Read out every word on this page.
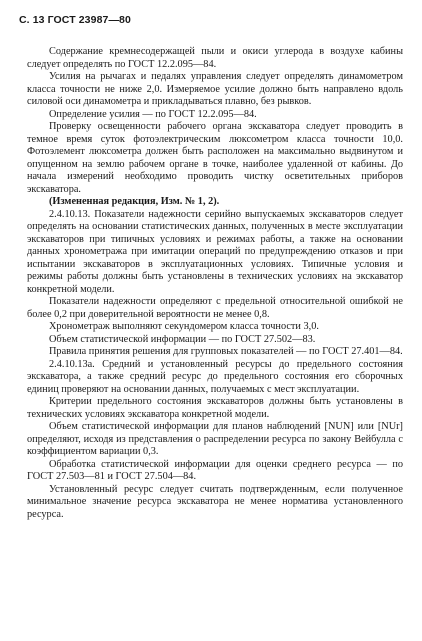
С. 13 ГОСТ 23987—80

Содержание кремнесодержащей пыли и окиси углерода в воздухе кабины следует определять по ГОСТ 12.2.095—84.

Усилия на рычагах и педалях управления следует определять динамометром класса точности не ниже 2,0. Измеряемое усилие должно быть направлено вдоль силовой оси динамометра и прикладываться плавно, без рывков.

Определение усилия — по ГОСТ 12.2.095—84.

Проверку освещенности рабочего органа экскаватора следует проводить в темное время суток фотоэлектрическим люксометром класса точности 10,0. Фотоэлемент люксометра должен быть расположен на максимально выдвинутом и опущенном на землю рабочем органе в точке, наиболее удаленной от кабины. До начала измерений необходимо проводить чистку осветительных приборов экскаватора.

(Измененная редакция, Изм. № 1, 2).

2.4.10.13. Показатели надежности серийно выпускаемых экскаваторов следует определять на основании статистических данных, полученных в месте эксплуатации экскаваторов при типичных условиях и режимах работы, а также на основании данных хронометража при имитации операций по предупреждению отказов и при испытании экскаваторов в эксплуатационных условиях. Типичные условия и режимы работы должны быть установлены в технических условиях на экскаватор конкретной модели.

Показатели надежности определяют с предельной относительной ошибкой не более 0,2 при доверительной вероятности не менее 0,8.

Хронометраж выполняют секундомером класса точности 3,0.

Объем статистической информации — по ГОСТ 27.502—83.

Правила принятия решения для групповых показателей — по ГОСТ 27.401—84.

2.4.10.13а. Средний и установленный ресурсы до предельного состояния экскаватора, а также средний ресурс до предельного состояния его сборочных единиц проверяют на основании данных, получаемых с мест эксплуатации.

Критерии предельного состояния экскаваторов должны быть установлены в технических условиях экскаватора конкретной модели.

Объем статистической информации для планов наблюдений [NUN] или [NUr] определяют, исходя из представления о распределении ресурса по закону Вейбулла с коэффициентом вариации 0,3.

Обработка статистической информации для оценки среднего ресурса — по ГОСТ 27.503—81 и ГОСТ 27.504—84.

Установленный ресурс следует считать подтвержденным, если полученное минимальное значение ресурса экскаватора не менее норматива установленного ресурса.
